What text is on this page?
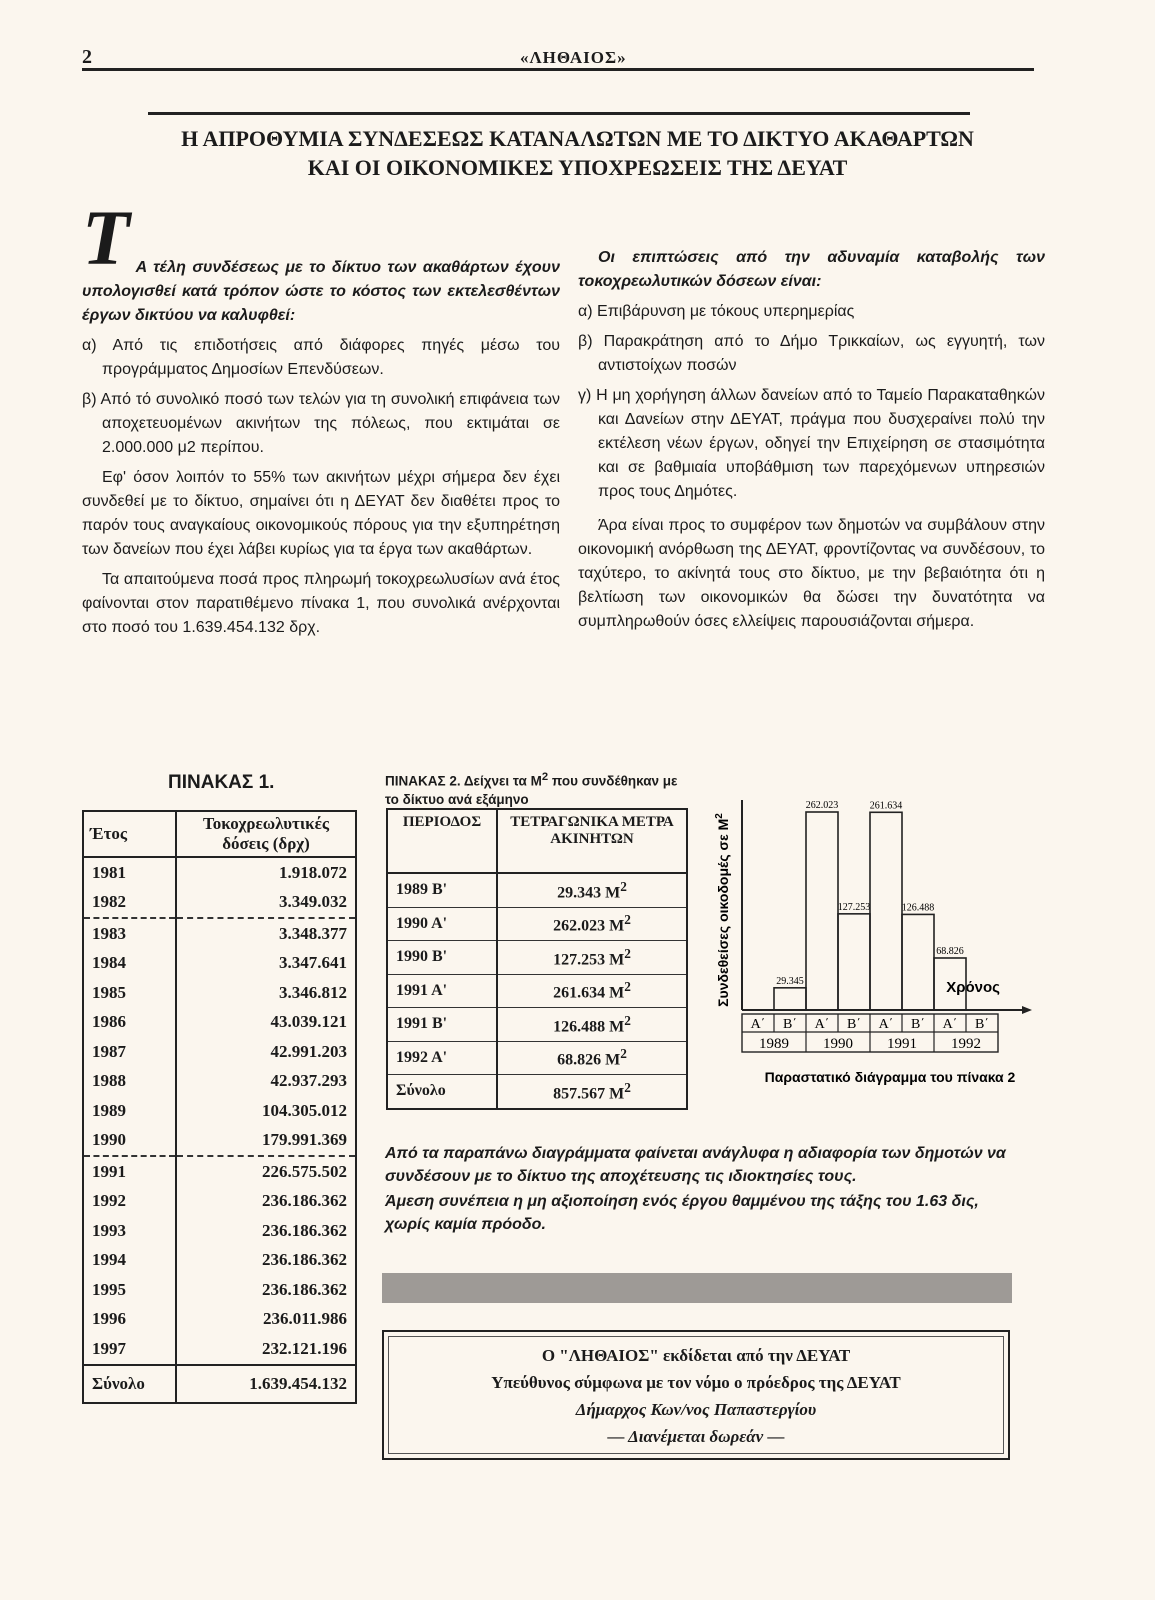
2	«ΛΗΘΑΙΟΣ»
Η ΑΠΡΟΘΥΜΙΑ ΣΥΝΔΕΣΕΩΣ ΚΑΤΑΝΑΛΩΤΩΝ ΜΕ ΤΟ ΔΙΚΤΥΟ ΑΚΑΘΑΡΤΩΝ
ΚΑΙ ΟΙ ΟΙΚΟΝΟΜΙΚΕΣ ΥΠΟΧΡΕΩΣΕΙΣ ΤΗΣ ΔΕΥΑΤ

T Α τέλη συνδέσεως με το δίκτυο των ακαθάρτων έχουν υπολογισθεί κατά τρόπον ώστε το κόστος των εκτελεσθέντων έργων δικτύου να καλυφθεί:

α) Από τις επιδοτήσεις από διάφορες πηγές μέσω του προγράμματος Δημοσίων Επενδύσεων.

β) Από τό συνολικό ποσό των τελών για τη συνολική επιφάνεια των αποχετευομένων ακινήτων της πόλεως, που εκτιμάται σε 2.000.000 μ2 περίπου.

Εφ' όσον λοιπόν το 55% των ακινήτων μέχρι σήμερα δεν έχει συνδεθεί με το δίκτυο, σημαίνει ότι η ΔΕΥΑΤ δεν διαθέτει προς το παρόν τους αναγκαίους οικονομικούς πόρους για την εξυπηρέτηση των δανείων που έχει λάβει κυρίως για τα έργα των ακαθάρτων.

Τα απαιτούμενα ποσά προς πληρωμή τοκοχρεωλυσίων ανά έτος φαίνονται στον παρατιθέμενο πίνακα 1, που συνολικά ανέρχονται στο ποσό του 1.639.454.132 δρχ.

Οι επιπτώσεις από την αδυναμία καταβολής των τοκοχρεωλυτικών δόσεων είναι:

α) Επιβάρυνση με τόκους υπερημερίας

β) Παρακράτηση από το Δήμο Τρικκαίων, ως εγγυητή, των αντιστοίχων ποσών

γ) Η μη χορήγηση άλλων δανείων από το Ταμείο Παρακαταθηκών και Δανείων στην ΔΕΥΑΤ, πράγμα που δυσχεραίνει πολύ την εκτέλεση νέων έργων, οδηγεί την Επιχείρηση σε στασιμότητα και σε βαθμιαία υποβάθμιση των παρεχόμενων υπηρεσιών προς τους Δημότες.

Άρα είναι προς το συμφέρον των δημοτών να συμβάλουν στην οικονομική ανόρθωση της ΔΕΥΑΤ, φροντίζοντας να συνδέσουν, το ταχύτερο, το ακίνητά τους στο δίκτυο, με την βεβαιότητα ότι η βελτίωση των οικονομικών θα δώσει την δυνατότητα να συμπληρωθούν όσες ελλείψεις παρουσιάζονται σήμερα.

ΠΙΝΑΚΑΣ 1.
Έτος	Τοκοχρεωλυτικές
δόσεις (δρχ)

1981	1.918.072
1982	3.349.032
1983	3.348.377
1984	3.347.641
1985	3.346.812
1986	43.039.121
1987	42.991.203
1988	42.937.293
1989	104.305.012
1990	179.991.369
1991	226.575.502
1992	236.186.362
1993	236.186.362
1994	236.186.362
1995	236.186.362
1996	236.011.986
1997	232.121.196
Σύνολο	1.639.454.132
ΠΙΝΑΚΑΣ 2. Δείχνει τα $M^2$ που συνδέθηκαν με
το δίκτυο ανά εξάμηνο
ΠΕΡΙΟΔΟΣ	ΤΕΤΡΑΓΩΝΙΚΑ ΜΕΤΡΑ
ΑΚΙΝΗΤΩΝ

1989 Β'	29.343 $M^2$
1990 Α'	262.023 $M^2$
1990 Β'	127.253 $M^2$
1991 Α'	261.634 $M^2$
1991 Β'	126.488 $M^2$
1992 Α'	68.826 $M^2$
Σύνολο	857.567 $M^2$
Συνδεθείσες οικοδομές σε $M^2$
Χρόνος
29.345
262.023
127.253
261.634
126.488
68.826
Α΄ Β΄ Α΄ Β΄ Α΄ Β΄ Α΄ Β΄
1989 1990 1991 1992
Παραστατικό διάγραμμα του πίνακα 2

Από τα παραπάνω διαγράμματα φαίνεται ανάγλυφα η αδιαφορία των δημοτών να συνδέσουν με το δίκτυο της αποχέτευσης τις ιδιοκτησίες τους.

Άμεση συνέπεια η μη αξιοποίηση ενός έργου θαμμένου της τάξης του 1.63 δις, χωρίς καμία πρόοδο.

Ο "ΛΗΘΑΙΟΣ" εκδίδεται από την ΔΕΥΑΤ
Υπεύθυνος σύμφωνα με τον νόμο ο πρόεδρος της ΔΕΥΑΤ
Δήμαρχος Κων/νος Παπαστεργίου
— Διανέμεται δωρεάν —
